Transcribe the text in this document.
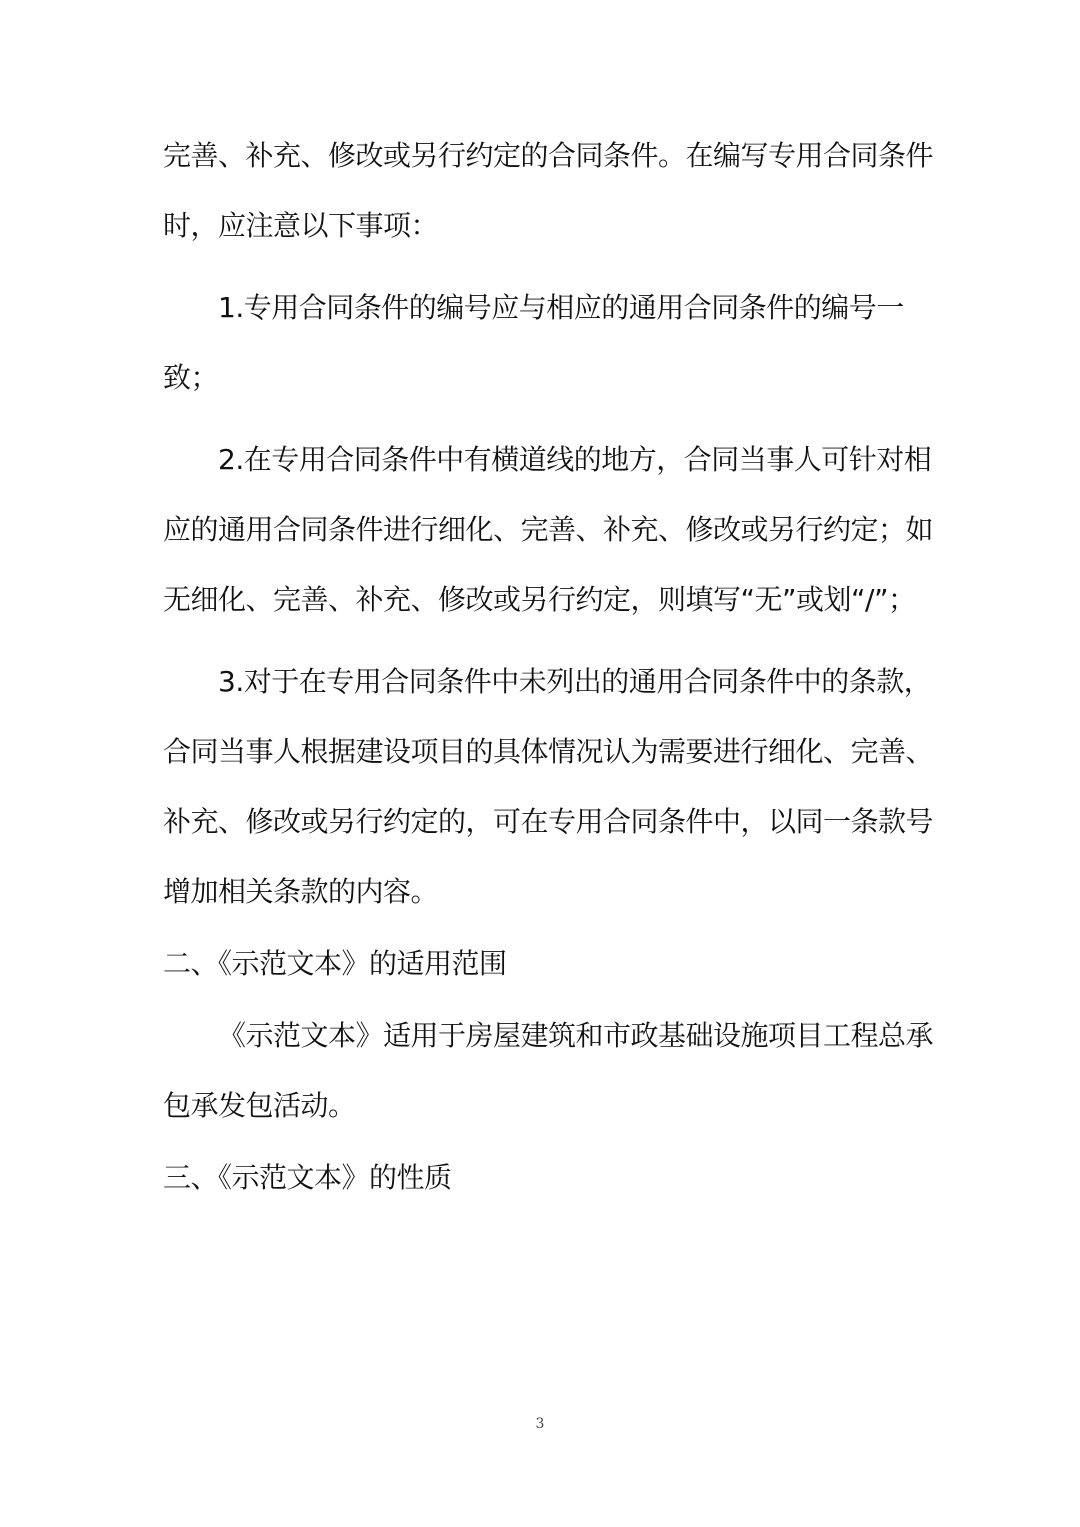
完善、补充、修改或另行约定的合同条件。在编写专用合同条件
时，应注意以下事项：
1.专用合同条件的编号应与相应的通用合同条件的编号一
致；
2.在专用合同条件中有横道线的地方，合同当事人可针对相
应的通用合同条件进行细化、完善、补充、修改或另行约定；如
无细化、完善、补充、修改或另行约定，则填写“无”或划“/”；
3.对于在专用合同条件中未列出的通用合同条件中的条款，
合同当事人根据建设项目的具体情况认为需要进行细化、完善、
补充、修改或另行约定的，可在专用合同条件中，以同一条款号
增加相关条款的内容。
二、《示范文本》的适用范围
《示范文本》适用于房屋建筑和市政基础设施项目工程总承
包承发包活动。
三、《示范文本》的性质
3
